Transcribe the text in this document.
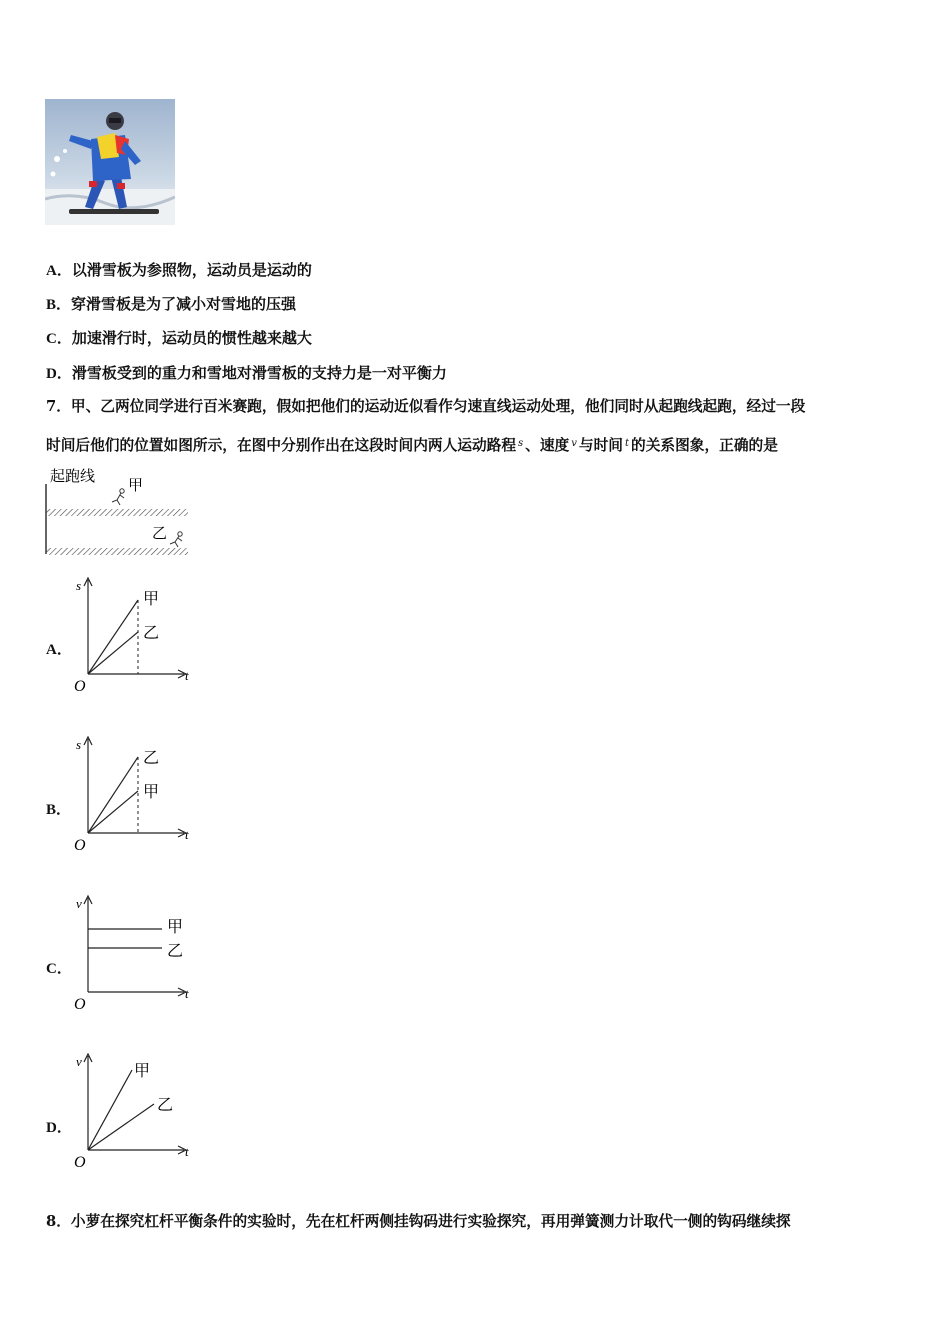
A．以滑雪板为参照物，运动员是运动的
B．穿滑雪板是为了减小对雪地的压强
C．加速滑行时，运动员的惯性越来越大
D．滑雪板受到的重力和雪地对滑雪板的支持力是一对平衡力
7．甲、乙两位同学进行百米赛跑，假如把他们的运动近似看作匀速直线运动处理，他们同时从起跑线起跑，经过一段
时间后他们的位置如图所示，在图中分别作出在这段时间内两人运动路程 $^s$ 、速度 $^v$ 与时间 $^t$ 的关系图象，正确的是
起跑线 甲
乙
A．
s
t
O
甲
乙
B．
s
t
O
乙
甲
C．
v
t
O
甲
乙
D．
v
t
O
甲
乙
8．小萝在探究杠杆平衡条件的实验时，先在杠杆两侧挂钩码进行实验探究，再用弹簧测力计取代一侧的钩码继续探
